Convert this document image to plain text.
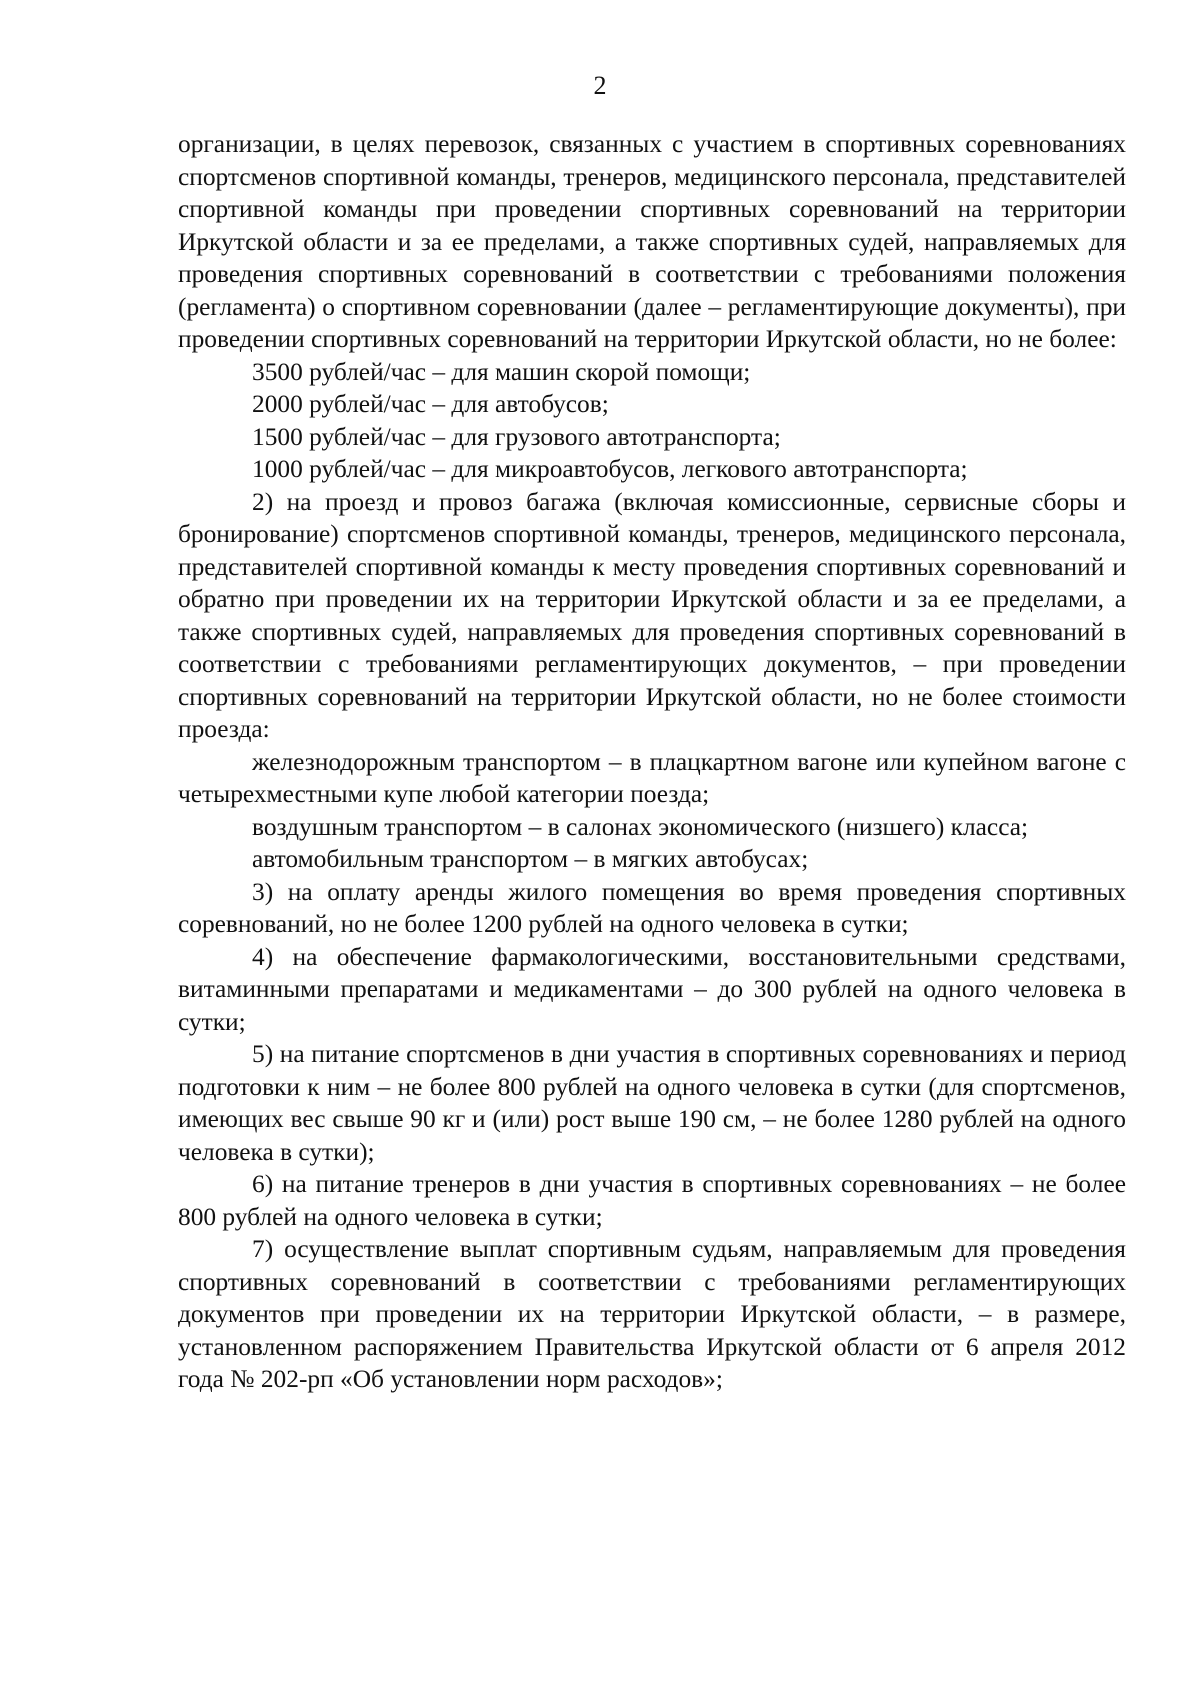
2

организации, в целях перевозок, связанных с участием в спортивных соревнованиях спортсменов спортивной команды, тренеров, медицинского персонала, представителей спортивной команды при проведении спортивных соревнований на территории Иркутской области и за ее пределами, а также спортивных судей, направляемых для проведения спортивных соревнований в соответствии с требованиями положения (регламента) о спортивном соревновании (далее – регламентирующие документы), при проведении спортивных соревнований на территории Иркутской области, но не более:

3500 рублей/час – для машин скорой помощи;

2000 рублей/час – для автобусов;

1500 рублей/час – для грузового автотранспорта;

1000 рублей/час – для микроавтобусов, легкового автотранспорта;

2) на проезд и провоз багажа (включая комиссионные, сервисные сборы и бронирование) спортсменов спортивной команды, тренеров, медицинского персонала, представителей спортивной команды к месту проведения спортивных соревнований и обратно при проведении их на территории Иркутской области и за ее пределами, а также спортивных судей, направляемых для проведения спортивных соревнований в соответствии с требованиями регламентирующих документов, – при проведении спортивных соревнований на территории Иркутской области, но не более стоимости проезда:

железнодорожным транспортом – в плацкартном вагоне или купейном вагоне с четырехместными купе любой категории поезда;

воздушным транспортом – в салонах экономического (низшего) класса;

автомобильным транспортом – в мягких автобусах;

3) на оплату аренды жилого помещения во время проведения спортивных соревнований, но не более 1200 рублей на одного человека в сутки;

4) на обеспечение фармакологическими, восстановительными средствами, витаминными препаратами и медикаментами – до 300 рублей на одного человека в сутки;

5) на питание спортсменов в дни участия в спортивных соревнованиях и период подготовки к ним – не более 800 рублей на одного человека в сутки (для спортсменов, имеющих вес свыше 90 кг и (или) рост выше 190 см, – не более 1280 рублей на одного человека в сутки);

6) на питание тренеров в дни участия в спортивных соревнованиях – не более 800 рублей на одного человека в сутки;

7) осуществление выплат спортивным судьям, направляемым для проведения спортивных соревнований в соответствии с требованиями регламентирующих документов при проведении их на территории Иркутской области, – в размере, установленном распоряжением Правительства Иркутской области от 6 апреля 2012 года № 202-рп «Об установлении норм расходов»;
